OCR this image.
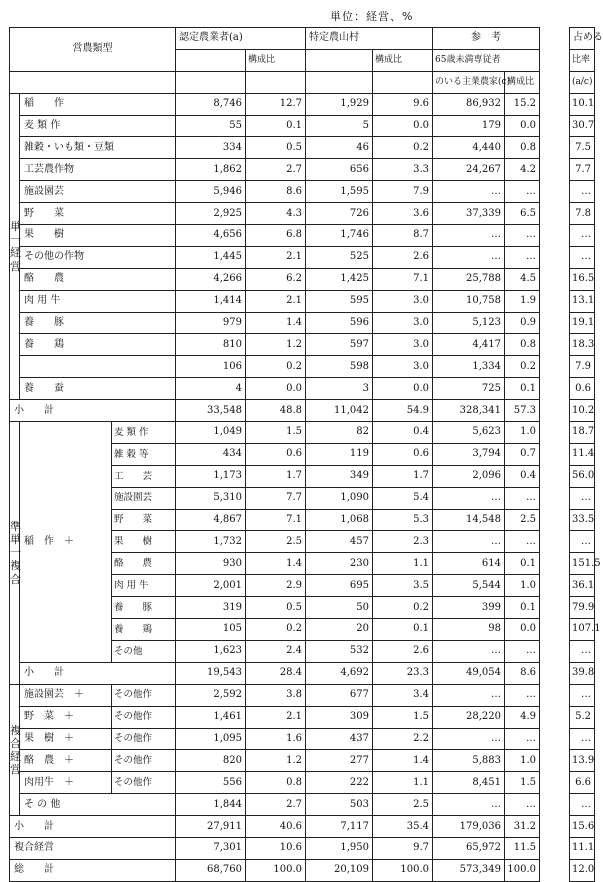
単位：経営、%
営農類型			認定農業者(a)		特定農山村		参　考			占める
				構成比		構成比	65歳未満専従者			比率
							のいる主業農家(c)	構成比		(a/c)
単一経営	稲　　作		8,746	12.7	1,929	9.6	86,932	15.2		10.1
	麦 類 作		55	0.1	5	0.0	179	0.0		30.7
	雑穀・いも類・豆類		334	0.5	46	0.2	4,440	0.8		7.5
	工芸農作物		1,862	2.7	656	3.3	24,267	4.2		7.7
	施設園芸		5,946	8.6	1,595	7.9	…	…		…
	野　　菜		2,925	4.3	726	3.6	37,339	6.5		7.8
	果　　樹		4,656	6.8	1,746	8.7	…	…		…
	その他の作物		1,445	2.1	525	2.6	…	…		…
	酪　　農		4,266	6.2	1,425	7.1	25,788	4.5		16.5
	肉 用 牛		1,414	2.1	595	3.0	10,758	1.9		13.1
	養　　豚		979	1.4	596	3.0	5,123	0.9		19.1
	養　　鶏		810	1.2	597	3.0	4,417	0.8		18.3
			106	0.2	598	3.0	1,334	0.2		7.9
	養　　蚕		4	0.0	3	0.0	725	0.1		0.6
小　　計			33,548	48.8	11,042	54.9	328,341	57.3		10.2
準単一複合	稲　作　＋	麦 類 作	1,049	1.5	82	0.4	5,623	1.0		18.7
		雑 穀 等	434	0.6	119	0.6	3,794	0.7		11.4
		工　　芸	1,173	1.7	349	1.7	2,096	0.4		56.0
		施設園芸	5,310	7.7	1,090	5.4	…	…		…
		野　　菜	4,867	7.1	1,068	5.3	14,548	2.5		33.5
		果　　樹	1,732	2.5	457	2.3	…	…		…
		酪　　農	930	1.4	230	1.1	614	0.1		151.5
		肉 用 牛	2,001	2.9	695	3.5	5,544	1.0		36.1
		養　　豚	319	0.5	50	0.2	399	0.1		79.9
		養　　鶏	105	0.2	20	0.1	98	0.0		107.1
		その他	1,623	2.4	532	2.6	…	…		…
	小　　計		19,543	28.4	4,692	23.3	49,054	8.6		39.8
複合経営	施設園芸　＋	その他作	2,592	3.8	677	3.4	…	…		…
	野　菜　＋	その他作	1,461	2.1	309	1.5	28,220	4.9		5.2
	果　樹　＋	その他作	1,095	1.6	437	2.2	…	…		…
	酪　農　＋	その他作	820	1.2	277	1.4	5,883	1.0		13.9
	肉用牛　＋	その他作	556	0.8	222	1.1	8,451	1.5		6.6
	そ の 他		1,844	2.7	503	2.5	…	…		…
小　　計			27,911	40.6	7,117	35.4	179,036	31.2		15.6
複合経営			7,301	10.6	1,950	9.7	65,972	11.5		11.1
総　　計			68,760	100.0	20,109	100.0	573,349	100.0		12.0
